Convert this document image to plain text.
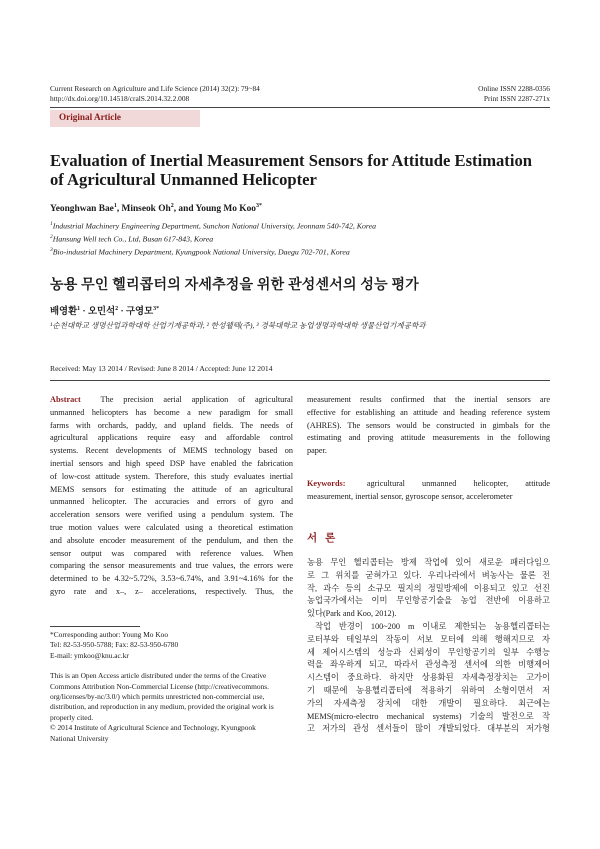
Current Research on Agriculture and Life Science (2014) 32(2): 79~84
http://dx.doi.org/10.14518/cralS.2014.32.2.008
Online ISSN 2288-0356
Print ISSN 2287-271x
Original Article
Evaluation of Inertial Measurement Sensors for Attitude Estimation
of Agricultural Unmanned Helicopter
Yeonghwan Bae$^1$, Minseok Oh$^2$, and Young Mo Koo$^{3*}$
$^1$Industrial Machinery Engineering Department, Sunchon National University, Jeonnam 540-742, Korea
$^2$Hansung Well tech Co., Ltd, Busan 617-843, Korea
$^3$Bio-industrial Machinery Department, Kyungpook National University, Daegu 702-701, Korea
농용 무인 헬리콥터의 자세추정을 위한 관성센서의 성능 평가
배영환$^1$ · 오민석$^2$ · 구영모$^{3*}$
¹순천대학교 생명산업과학대학 산업기계공학과, ² 한성웰텍(주), ³ 경북대학교 농업생명과학대학 생물산업기계공학과
Received: May 13 2014 / Revised: June 8 2014 / Accepted: June 12 2014
Abstract The precision aerial application of agricultural
unmanned helicopters has become a new paradigm for small
farms with orchards, paddy, and upland fields. The needs of
agricultural applications require easy and affordable control
systems. Recent developments of MEMS technology based on
inertial sensors and high speed DSP have enabled the fabrication
of low-cost attitude system. Therefore, this study evaluates inertial
MEMS sensors for estimating the attitude of an agricultural
unmanned helicopter. The accuracies and errors of gyro and
acceleration sensors were verified using a pendulum system. The
true motion values were calculated using a theoretical estimation
and absolute encoder measurement of the pendulum, and then the
sensor output was compared with reference values. When
comparing the sensor measurements and true values, the errors were
determined to be 4.32~5.72%, 3.53~6.74%, and 3.91~4.16% for the
gyro rate and x–, z– accelerations, respectively. Thus, the
*Corresponding author: Young Mo Koo
Tel: 82-53-950-5788; Fax: 82-53-950-6780
E-mail: ymkoo@knu.ac.kr
This is an Open Access article distributed under the terms of the Creative
Commons Attribution Non-Commercial License (http://creativecommons.
org/licenses/by-nc/3.0/) which permits unrestricted non-commercial use,
distribution, and reproduction in any medium, provided the original work is
properly cited.
© 2014 Institute of Agricultural Science and Technology, Kyungpook
National University
measurement results confirmed that the inertial sensors are
effective for establishing an attitude and heading reference system
(AHRES). The sensors would be constructed in gimbals for the
estimating and proving attitude measurements in the following
paper.
Keywords:	agricultural    unmanned    helicopter,    attitude
measurement, inertial sensor, gyroscope sensor, accelerometer
서론
농용 무인 헬리콥터는 방제 작업에 있어 새로운 패러다임으
로 그 위치를 굳혀가고 있다. 우리나라에서 벼농사는 물론 전
작, 과수 등의 소규모 필지의 정밀방제에 이용되고 있고 선진
농업국가에서는 이미 무인항공기술을 농업 전반에 이용하고
있다(Park and Koo, 2012).
작업 반경이 100~200 m 이내로 제한되는 농용헬리콥터는
로터부와 테일부의 작동이 서보 모터에 의해 행해지므로 자
세 제어시스템의 성능과 신뢰성이 무인항공기의 일부 수행능
력을 좌우하게 되고, 따라서 관성측정 센서에 의한 비행제어
시스템이 중요하다. 하지만 상용화된 자세측정장치는 고가이
기 때문에 농용헬리콥터에 적용하기 위하여 소형이면서 저
가의 자세측정 장치에 대한 개발이 필요하다. 최근에는
MEMS(micro-electro mechanical systems) 기술의 발전으로 작
고 저가의 관성 센서들이 많이 개발되었다. 대부분의 저가형
